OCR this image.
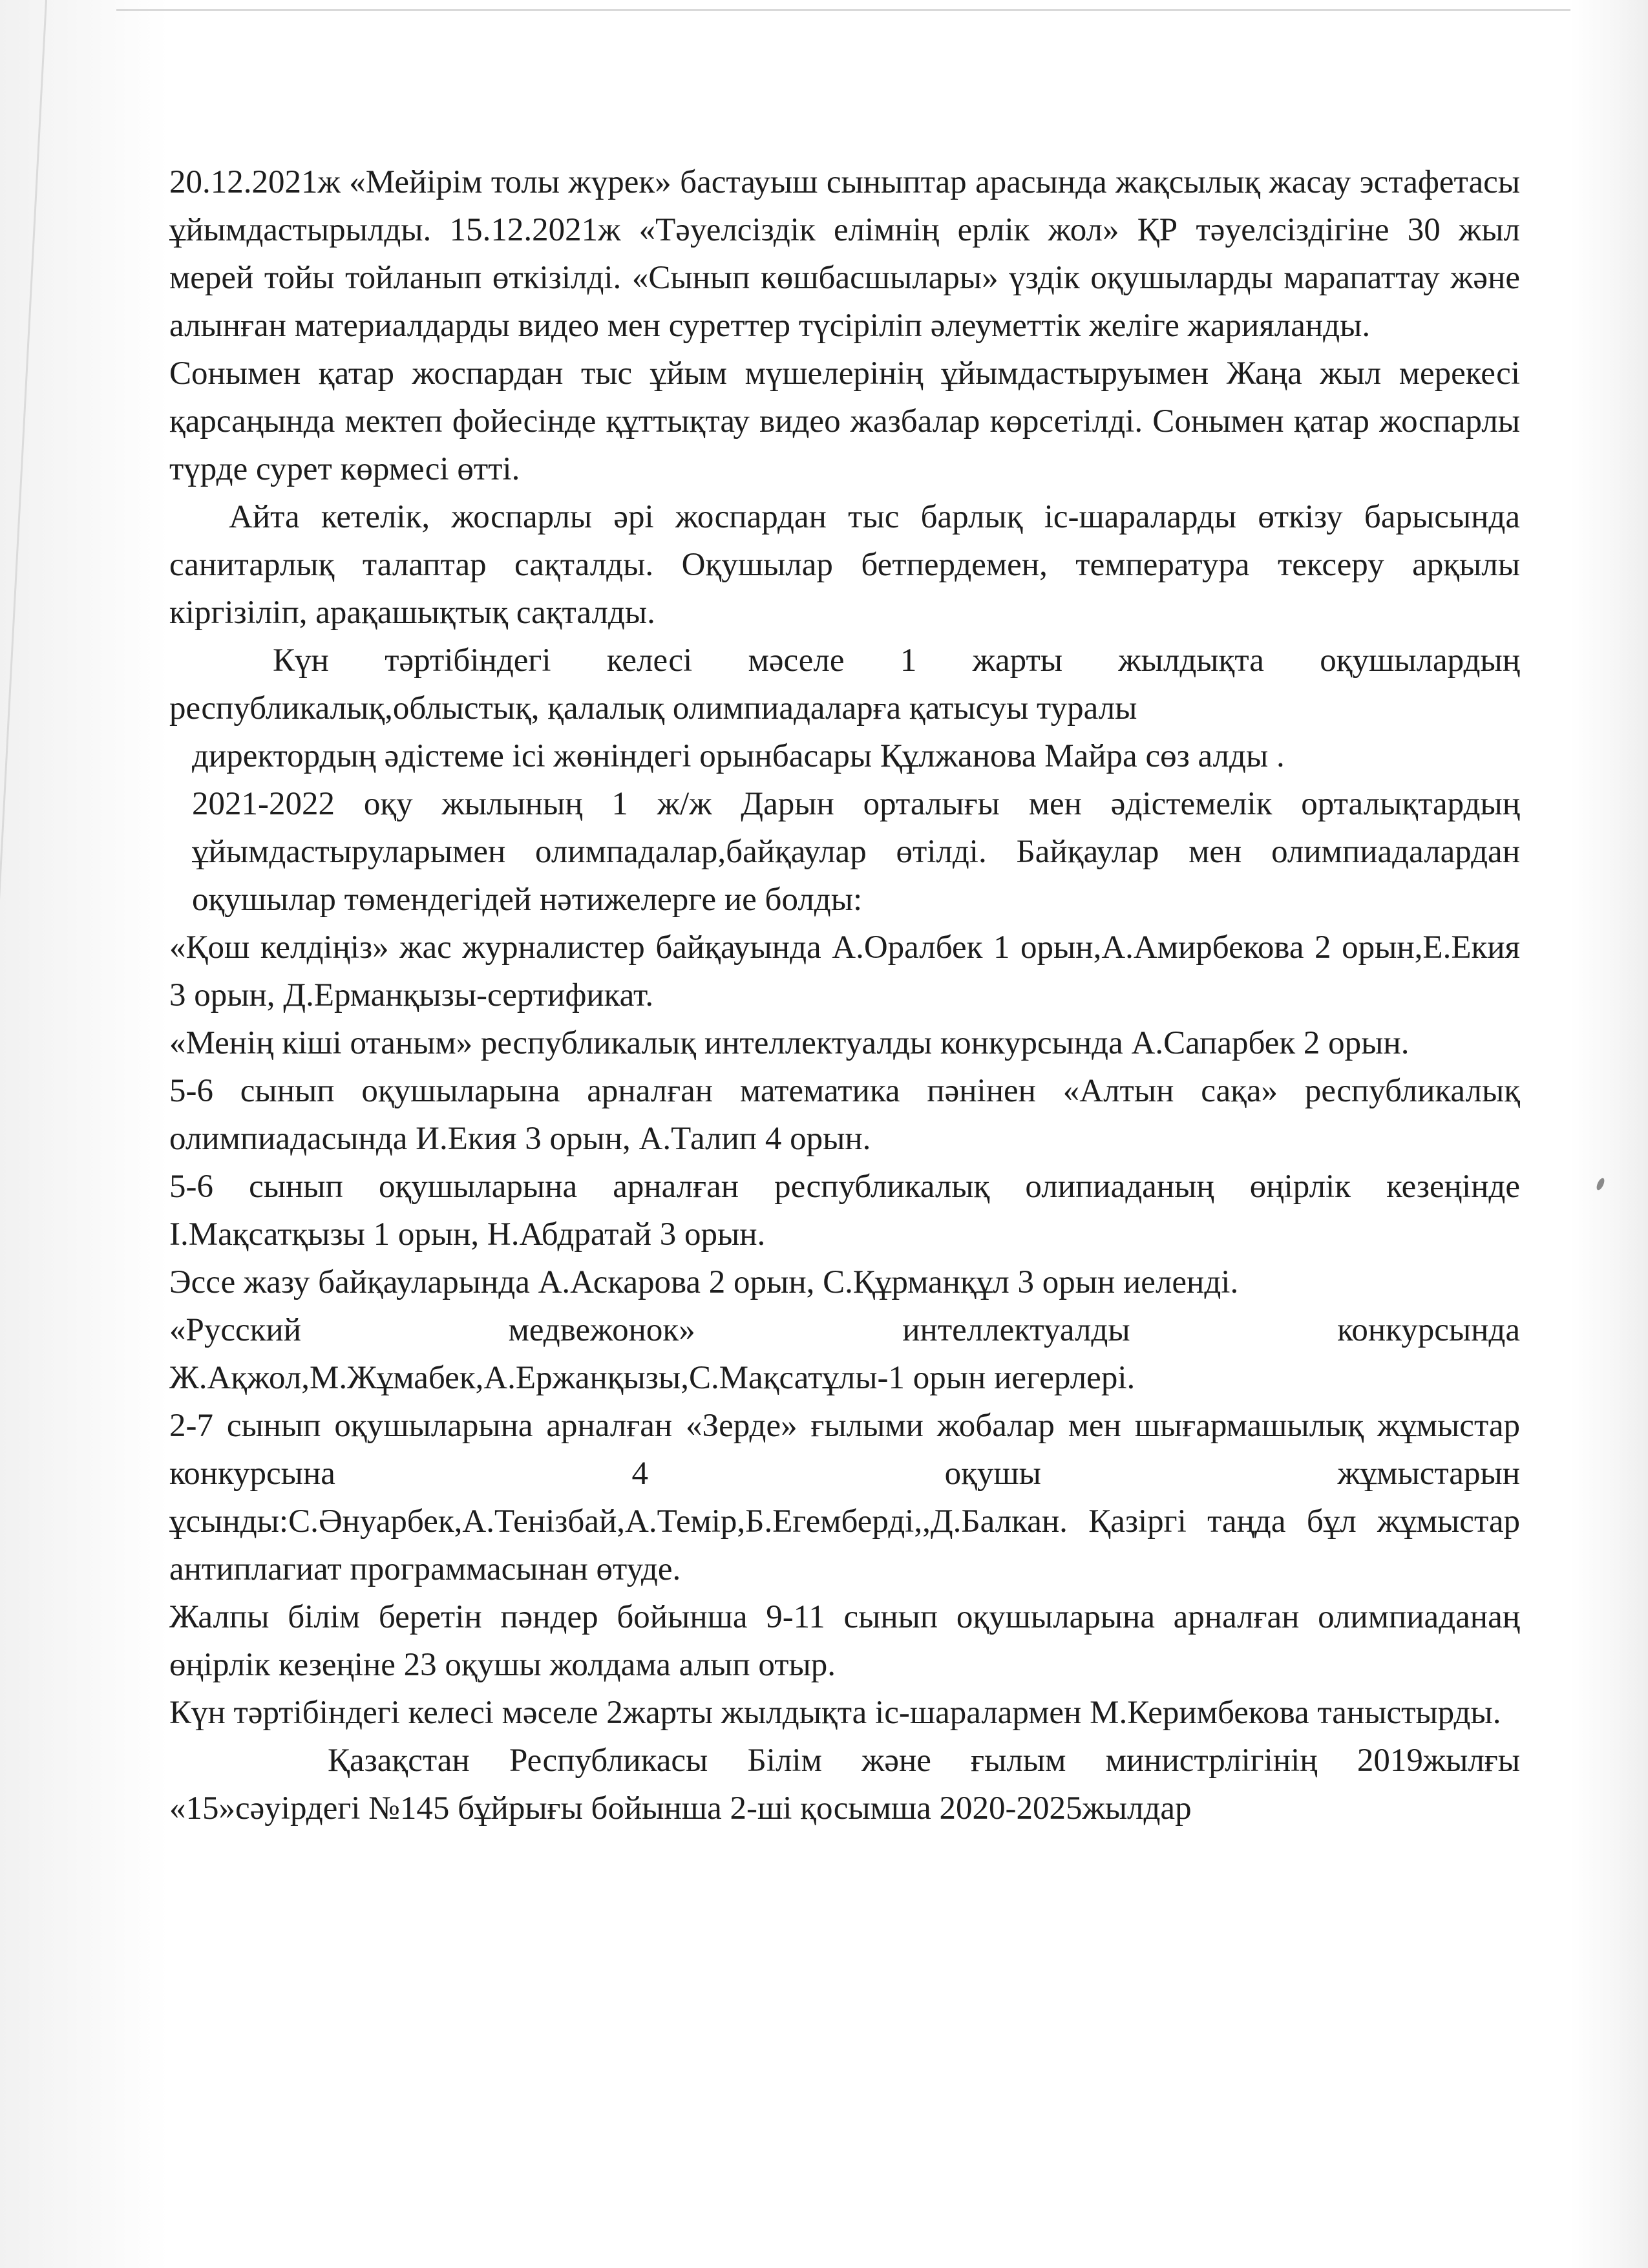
20.12.2021ж «Мейірім толы жүрек» бастауыш сыныптар арасында жақсылық жасау эстафетасы ұйымдастырылды. 15.12.2021ж «Тәуелсіздік елімнің ерлік жол» ҚР тәуелсіздігіне 30 жыл мерей тойы тойланып өткізілді. «Сынып көшбасшылары» үздік оқушыларды марапаттау және алынған материалдарды видео мен суреттер түсіріліп әлеуметтік желіге жарияланды.

Сонымен қатар жоспардан тыс ұйым мүшелерінің ұйымдастыруымен Жаңа жыл мерекесі қарсаңында мектеп фойесінде құттықтау видео жазбалар көрсетілді. Сонымен қатар жоспарлы түрде сурет көрмесі өтті.

Айта кетелік, жоспарлы әрі жоспардан тыс барлық іс-шараларды өткізу барысында санитарлық талаптар сақталды. Оқушылар бетпердемен, температура тексеру арқылы кіргізіліп, арақашықтық сақталды.

Күн тәртібіндегі келесі мәселе 1 жарты жылдықта оқушылардың республикалық,облыстық, қалалық олимпиадаларға қатысуы туралы

директордың әдістеме ісі жөніндегі орынбасары Құлжанова Майра сөз алды .

2021-2022 оқу жылының 1 ж/ж Дарын орталығы мен әдістемелік орталықтардың ұйымдастыруларымен олимпадалар,байқаулар өтілді. Байқаулар мен олимпиадалардан оқушылар төмендегідей нәтижелерге ие болды:

«Қош келдіңіз» жас журналистер байқауында А.Оралбек 1 орын,А.Амирбекова 2 орын,Е.Екия 3 орын, Д.Ерманқызы-сертификат.

«Менің кіші отаным» республикалық интеллектуалды конкурсында А.Сапарбек 2 орын.

5-6 сынып оқушыларына арналған математика пәнінен «Алтын сақа» республикалық олимпиадасында И.Екия 3 орын, А.Талип 4 орын.

5-6 сынып оқушыларына арналған республикалық олипиаданың өңірлік кезеңінде І.Мақсатқызы 1 орын, Н.Абдратай 3 орын.

Эссе жазу байқауларында А.Аскарова 2 орын, С.Құрманқұл 3 орын иеленді.

«Русский медвежонок» интеллектуалды конкурсында Ж.Ақжол,М.Жұмабек,А.Ержанқызы,С.Мақсатұлы-1 орын иегерлері.

2-7 сынып оқушыларына арналған «Зерде» ғылыми жобалар мен шығармашылық жұмыстар конкурсына 4 оқушы жұмыстарын ұсынды:С.Әнуарбек,А.Тенізбай,А.Темір,Б.Егемберді,,Д.Балкан. Қазіргі таңда бұл жұмыстар антиплагиат программасынан өтуде.

Жалпы білім беретін пәндер бойынша 9-11 сынып оқушыларына арналған олимпиаданаң өңірлік кезеңіне 23 оқушы жолдама алып отыр.

Күн тәртібіндегі келесі мәселе 2жарты жылдықта іс-шаралармен М.Керимбекова таныстырды.

Қазақстан Республикасы Білім және ғылым министрлігінің 2019жылғы «15»сәуірдегі №145 бұйрығы бойынша 2-ші қосымша 2020-2025жылдар
